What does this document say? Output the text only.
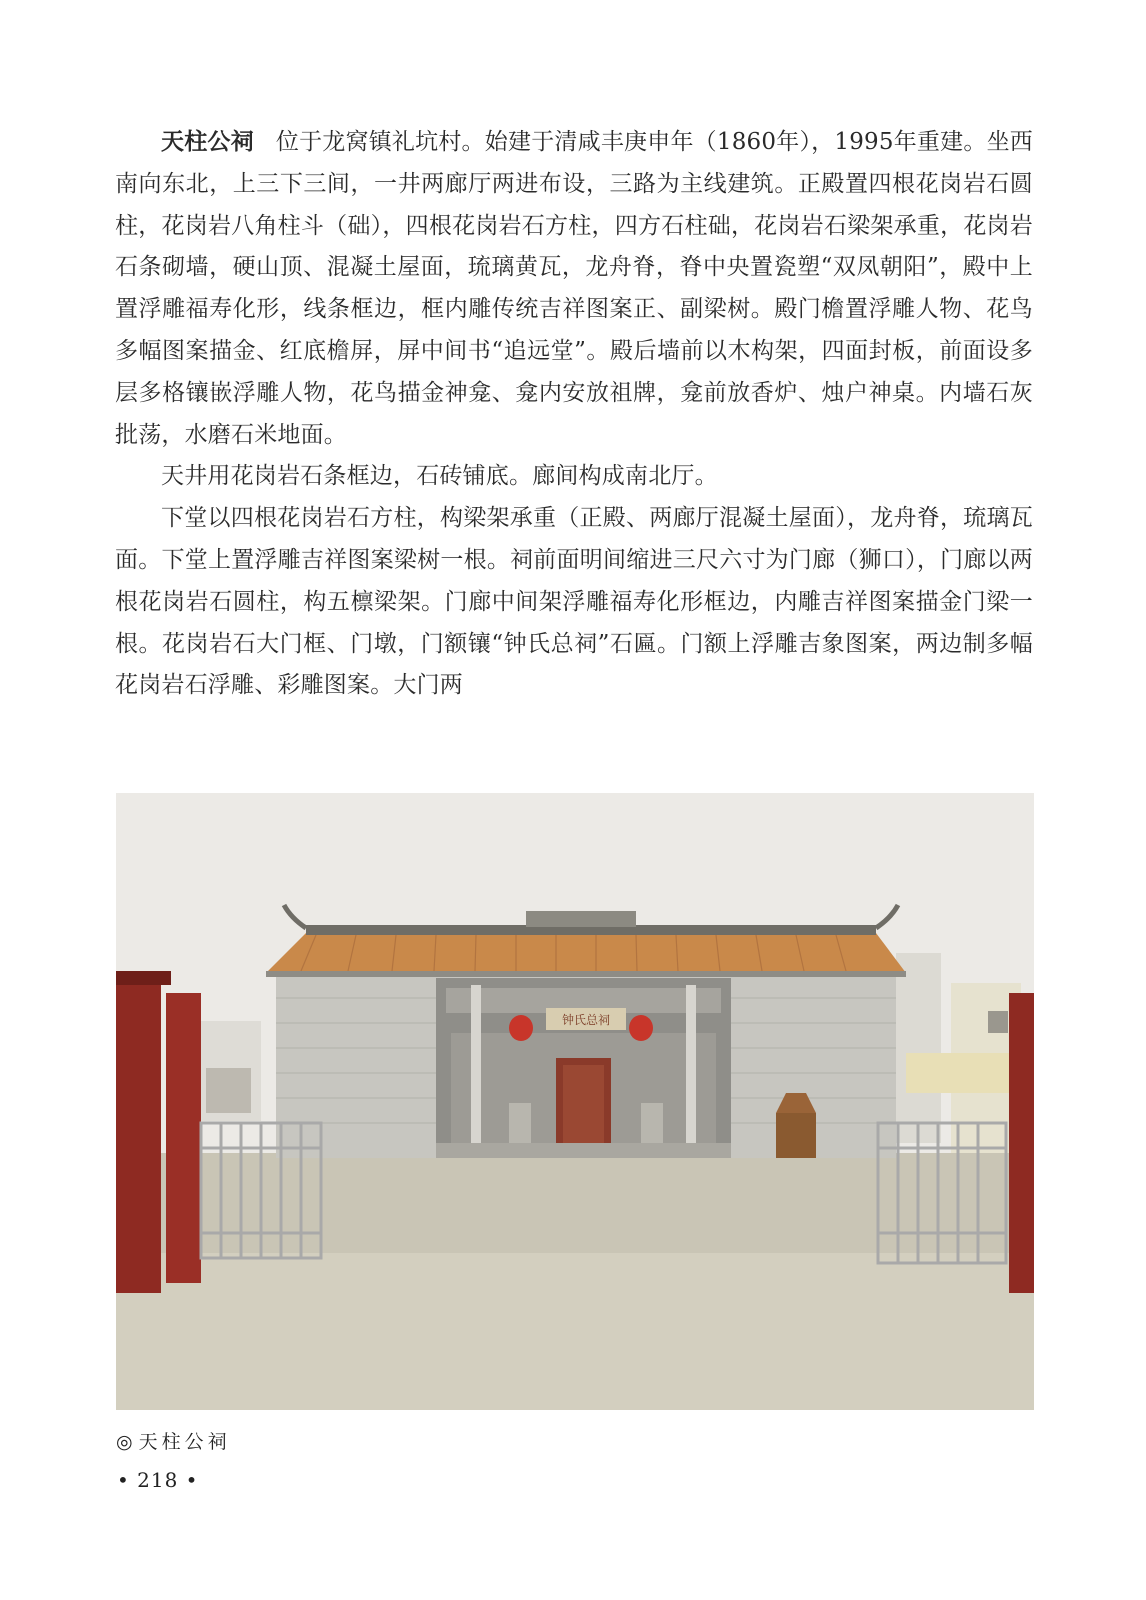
天柱公祠 位于龙窝镇礼坑村。始建于清咸丰庚申年（1860年），1995年重建。坐西南向东北，上三下三间，一井两廊厅两进布设，三路为主线建筑。正殿置四根花岗岩石圆柱，花岗岩八角柱斗（础），四根花岗岩石方柱，四方石柱础，花岗岩石梁架承重，花岗岩石条砌墙，硬山顶、混凝土屋面，琉璃黄瓦，龙舟脊，脊中央置瓷塑“双凤朝阳”，殿中上置浮雕福寿化形，线条框边，框内雕传统吉祥图案正、副梁树。殿门檐置浮雕人物、花鸟多幅图案描金、红底檐屏，屏中间书“追远堂”。殿后墙前以木构架，四面封板，前面设多层多格镶嵌浮雕人物，花鸟描金神龛、龛内安放祖牌，龛前放香炉、烛户神桌。内墙石灰批荡，水磨石米地面。

天井用花岗岩石条框边，石砖铺底。廊间构成南北厅。

下堂以四根花岗岩石方柱，构梁架承重（正殿、两廊厅混凝土屋面），龙舟脊，琉璃瓦面。下堂上置浮雕吉祥图案梁树一根。祠前面明间缩进三尺六寸为门廊（狮口），门廊以两根花岗岩石圆柱，构五檩梁架。门廊中间架浮雕福寿化形框边，内雕吉祥图案描金门梁一根。花岗岩石大门框、门墩，门额镶“钟氏总祠”石匾。门额上浮雕吉象图案，两边制多幅花岗岩石浮雕、彩雕图案。大门两

钟氏总祠
◎ 天柱公祠
• 218 •
